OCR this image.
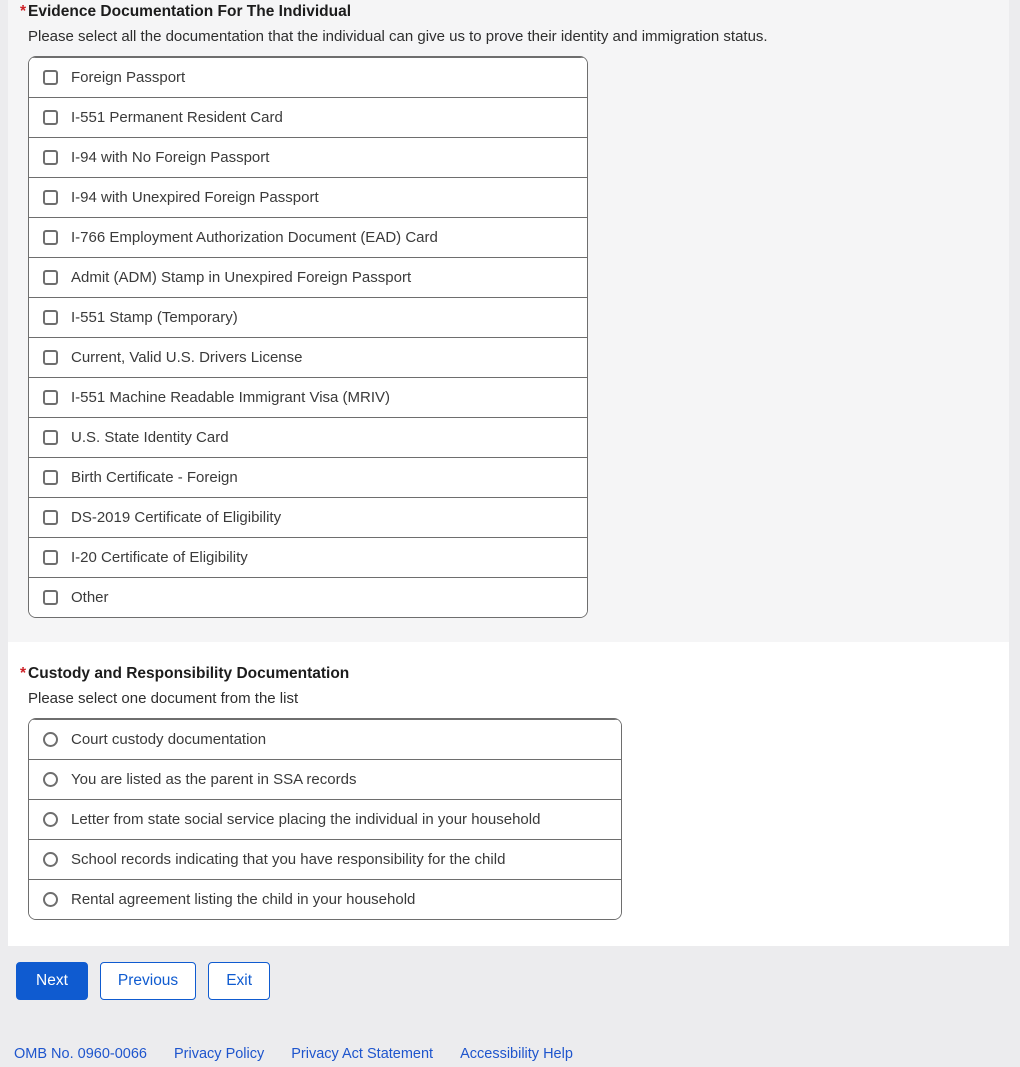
* Evidence Documentation For The Individual
Please select all the documentation that the individual can give us to prove their identity and immigration status.
Foreign Passport
I-551 Permanent Resident Card
I-94 with No Foreign Passport
I-94 with Unexpired Foreign Passport
I-766 Employment Authorization Document (EAD) Card
Admit (ADM) Stamp in Unexpired Foreign Passport
I-551 Stamp (Temporary)
Current, Valid U.S. Drivers License
I-551 Machine Readable Immigrant Visa (MRIV)
U.S. State Identity Card
Birth Certificate - Foreign
DS-2019 Certificate of Eligibility
I-20 Certificate of Eligibility
Other
* Custody and Responsibility Documentation
Please select one document from the list
Court custody documentation
You are listed as the parent in SSA records
Letter from state social service placing the individual in your household
School records indicating that you have responsibility for the child
Rental agreement listing the child in your household
Next	Previous	Exit
OMB No. 0960-0066 Privacy Policy Privacy Act Statement Accessibility Help
